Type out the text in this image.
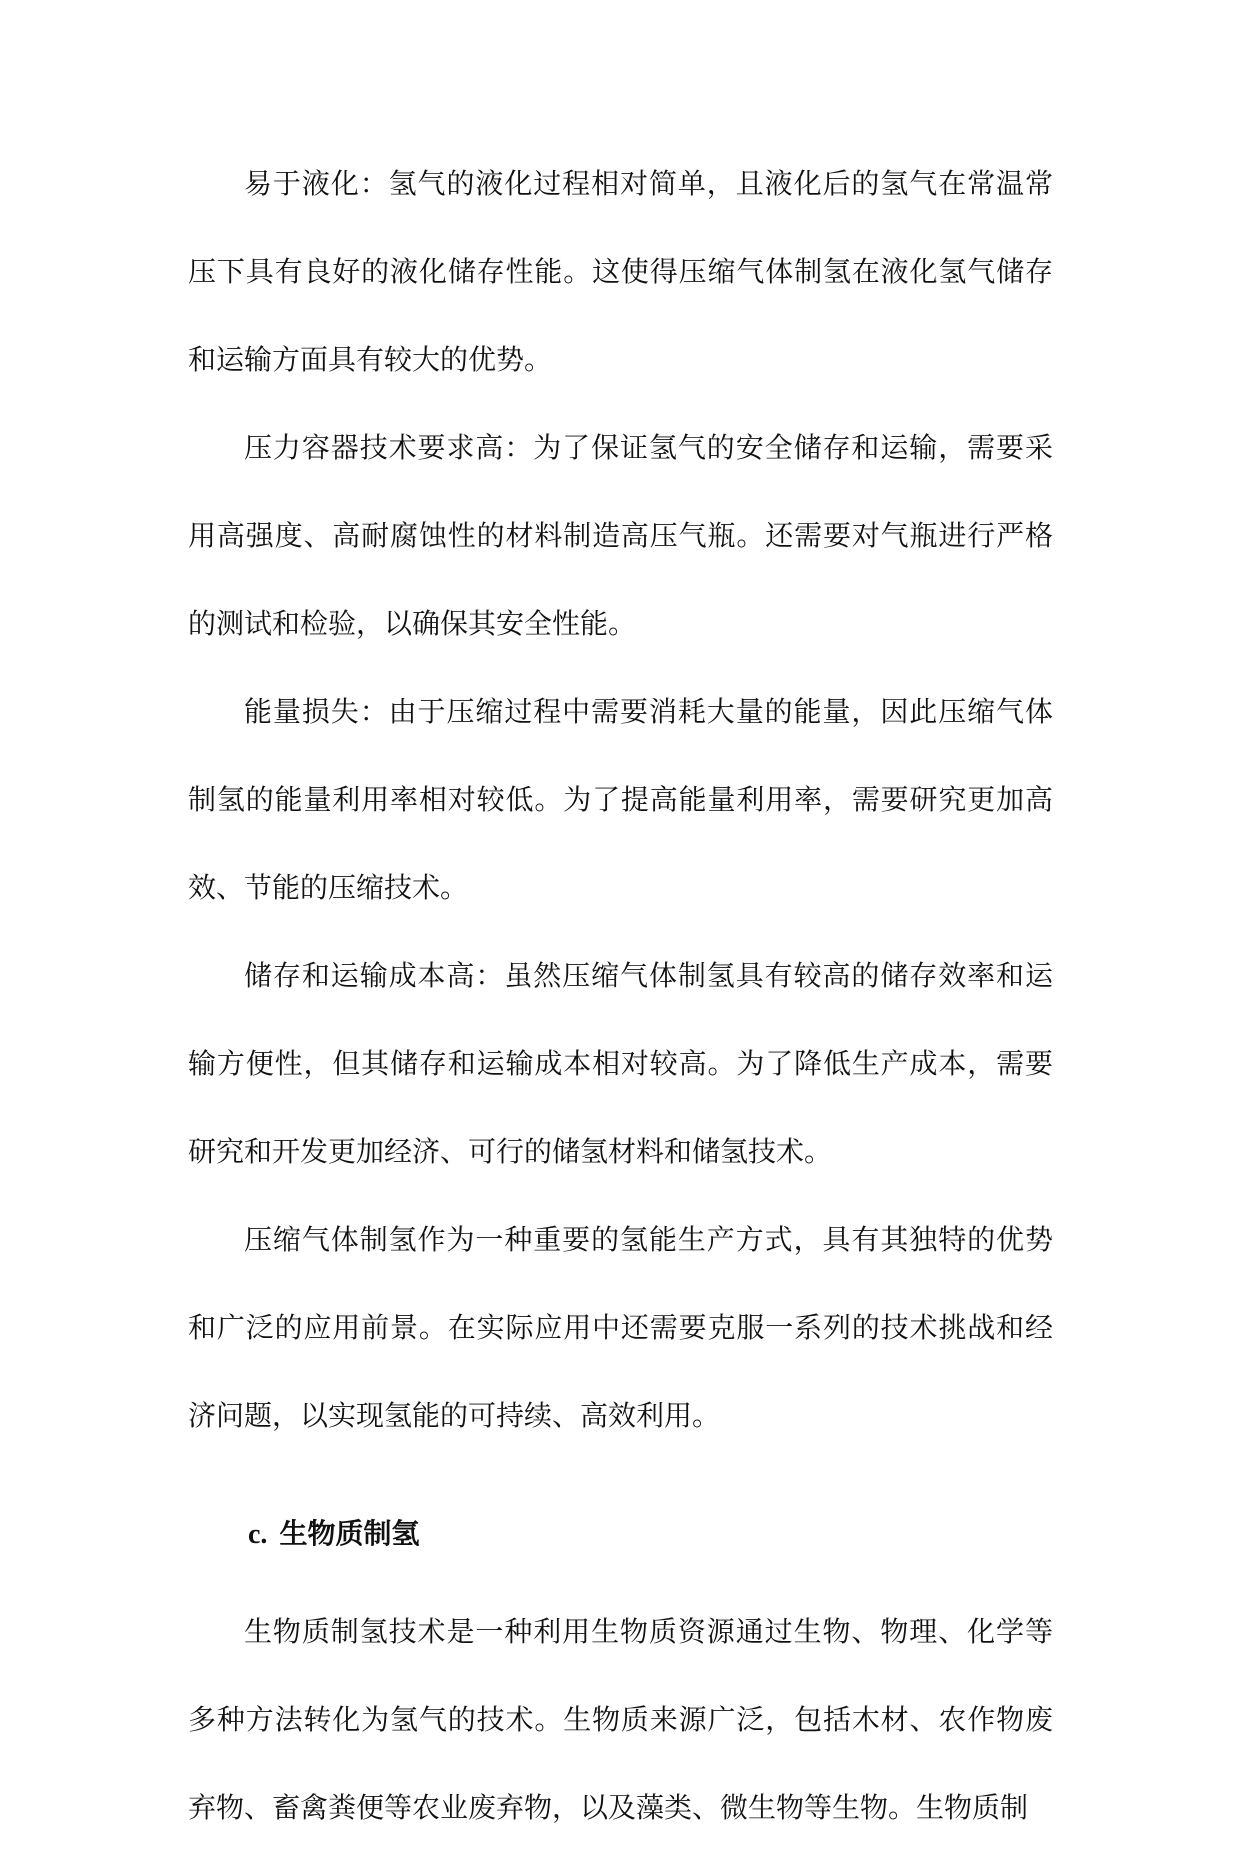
易于液化：氢气的液化过程相对简单，且液化后的氢气在常温常压下具有良好的液化储存性能。这使得压缩气体制氢在液化氢气储存和运输方面具有较大的优势。

压力容器技术要求高：为了保证氢气的安全储存和运输，需要采用高强度、高耐腐蚀性的材料制造高压气瓶。还需要对气瓶进行严格的测试和检验，以确保其安全性能。

能量损失：由于压缩过程中需要消耗大量的能量，因此压缩气体制氢的能量利用率相对较低。为了提高能量利用率，需要研究更加高效、节能的压缩技术。

储存和运输成本高：虽然压缩气体制氢具有较高的储存效率和运输方便性，但其储存和运输成本相对较高。为了降低生产成本，需要研究和开发更加经济、可行的储氢材料和储氢技术。

压缩气体制氢作为一种重要的氢能生产方式，具有其独特的优势和广泛的应用前景。在实际应用中还需要克服一系列的技术挑战和经济问题，以实现氢能的可持续、高效利用。

c. 生物质制氢

生物质制氢技术是一种利用生物质资源通过生物、物理、化学等多种方法转化为氢气的技术。生物质来源广泛，包括木材、农作物废弃物、畜禽粪便等农业废弃物，以及藻类、微生物等生物。生物质制
